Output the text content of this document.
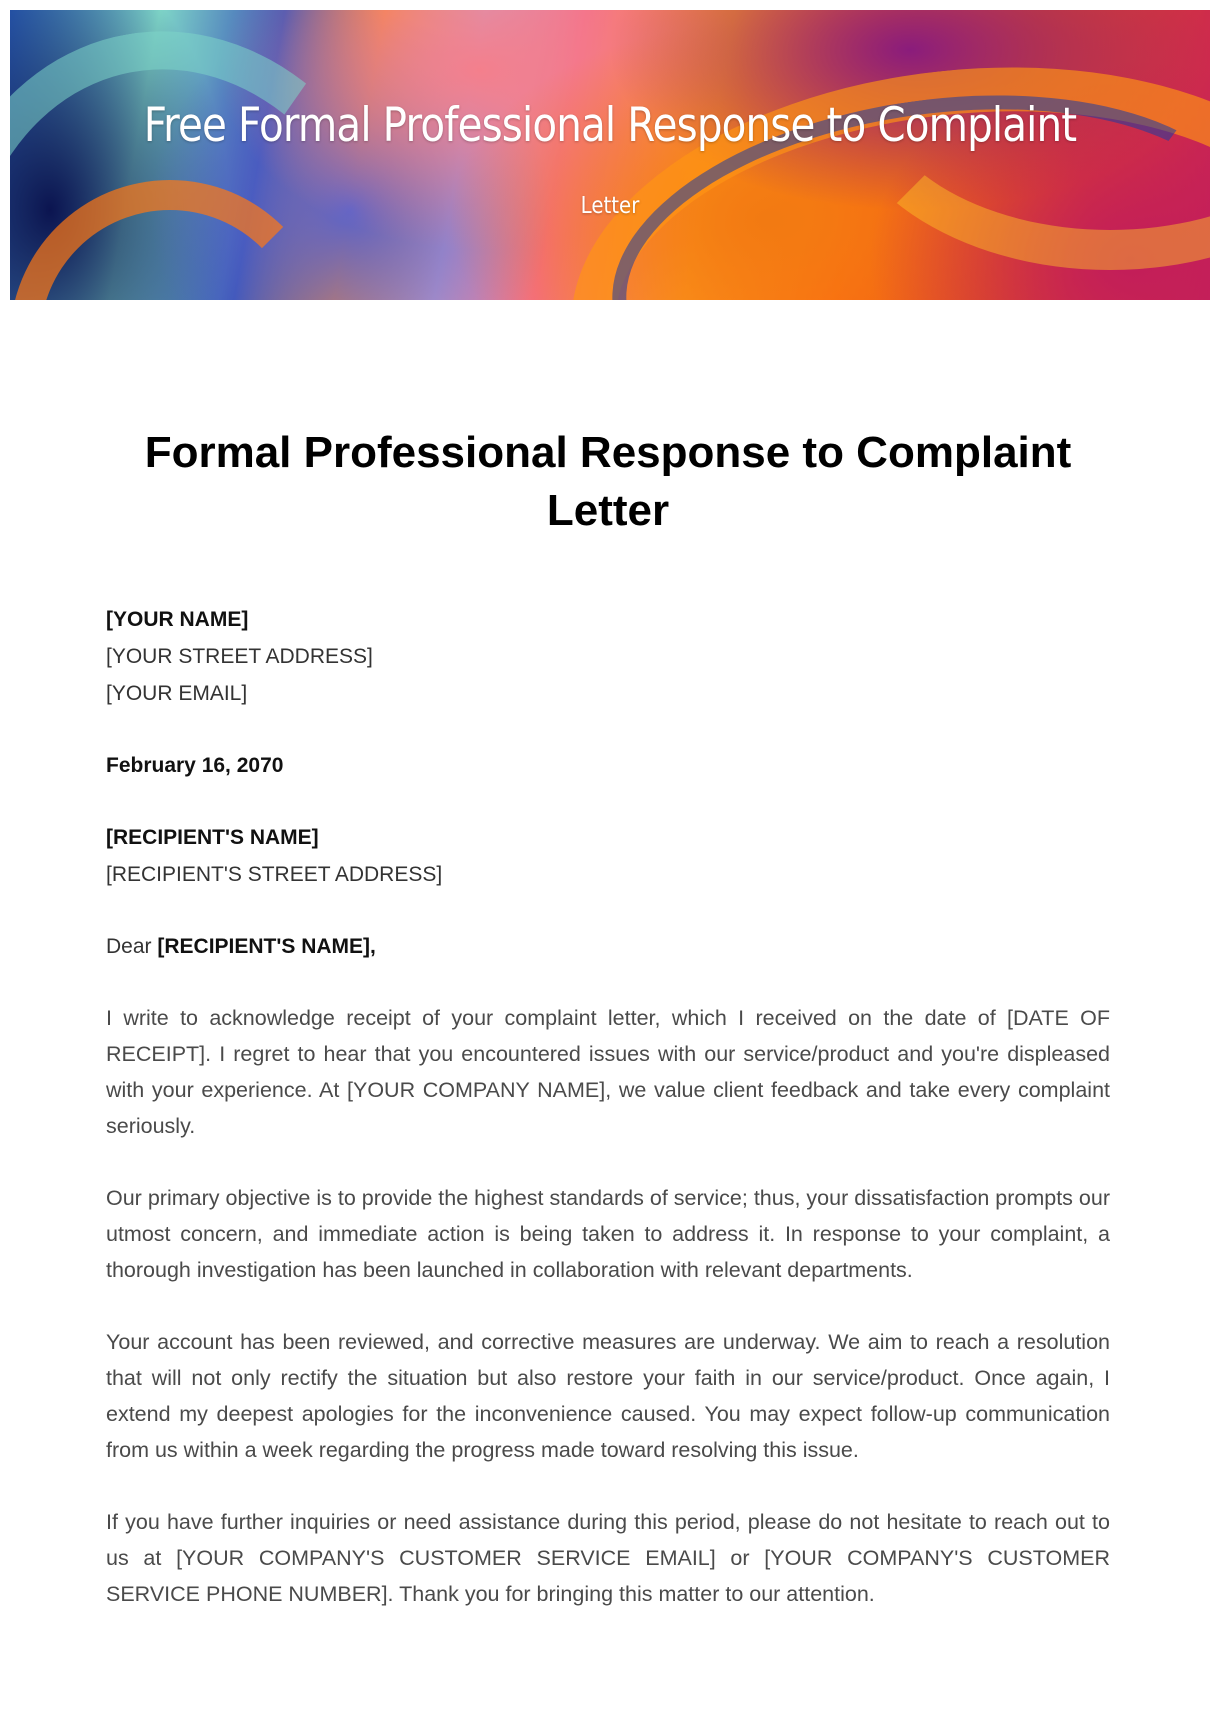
Free Formal Professional Response to Complaint
Letter
Formal Professional Response to Complaint Letter
[YOUR NAME]
[YOUR STREET ADDRESS]
[YOUR EMAIL]
February 16, 2070
[RECIPIENT'S NAME]
[RECIPIENT'S STREET ADDRESS]
Dear [RECIPIENT'S NAME],

I write to acknowledge receipt of your complaint letter, which I received on the date of [DATE OF RECEIPT]. I regret to hear that you encountered issues with our service/product and you're displeased with your experience. At [YOUR COMPANY NAME], we value client feedback and take every complaint seriously.

Our primary objective is to provide the highest standards of service; thus, your dissatisfaction prompts our utmost concern, and immediate action is being taken to address it. In response to your complaint, a thorough investigation has been launched in collaboration with relevant departments.

Your account has been reviewed, and corrective measures are underway. We aim to reach a resolution that will not only rectify the situation but also restore your faith in our service/product. Once again, I extend my deepest apologies for the inconvenience caused. You may expect follow-up communication from us within a week regarding the progress made toward resolving this issue.

If you have further inquiries or need assistance during this period, please do not hesitate to reach out to us at [YOUR COMPANY'S CUSTOMER SERVICE EMAIL] or [YOUR COMPANY'S CUSTOMER SERVICE PHONE NUMBER]. Thank you for bringing this matter to our attention.
